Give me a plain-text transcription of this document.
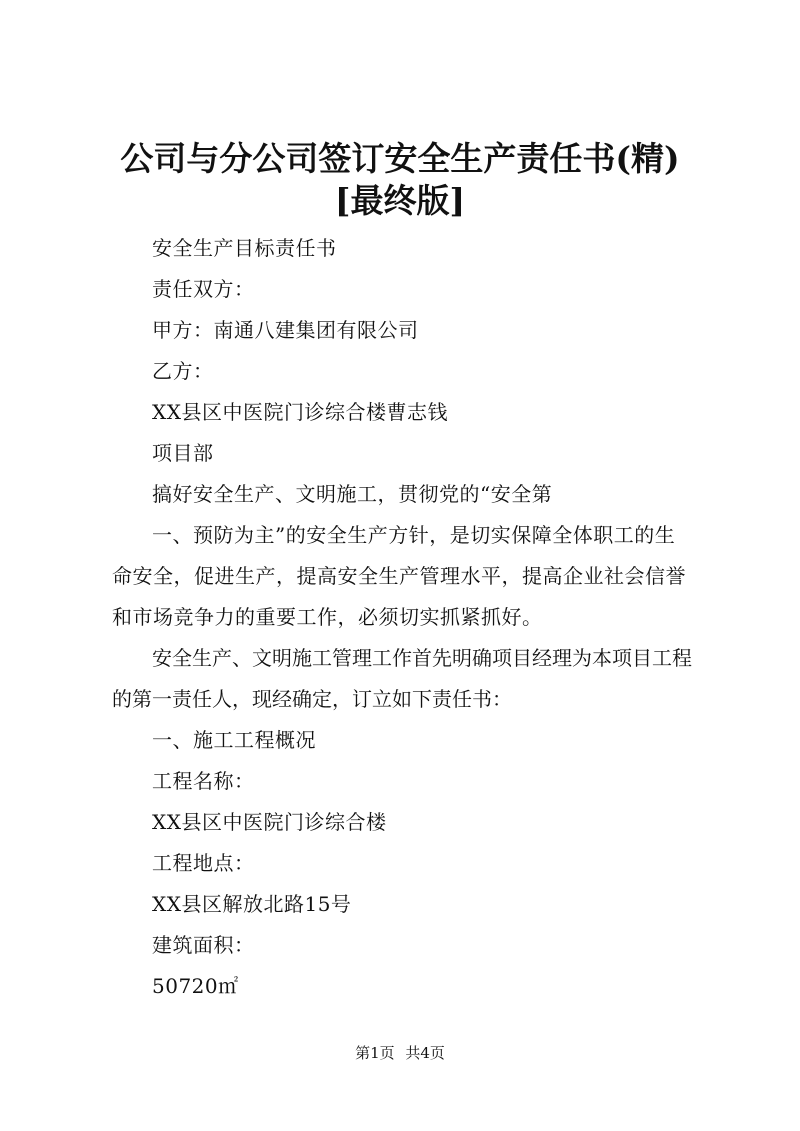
公司与分公司签订安全生产责任书(精)[最终版]

安全生产目标责任书

责任双方：

甲方：南通八建集团有限公司

乙方：

XX县区中医院门诊综合楼曹志钱

项目部

搞好安全生产、文明施工，贯彻党的“安全第

一、预防为主”的安全生产方针，是切实保障全体职工的生命安全，促进生产，提高安全生产管理水平，提高企业社会信誉和市场竞争力的重要工作，必须切实抓紧抓好。

安全生产、文明施工管理工作首先明确项目经理为本项目工程的第一责任人，现经确定，订立如下责任书：

一、施工工程概况

工程名称：

XX县区中医院门诊综合楼

工程地点：

XX县区解放北路15号

建筑面积：

50720㎡

第1页 共4页
